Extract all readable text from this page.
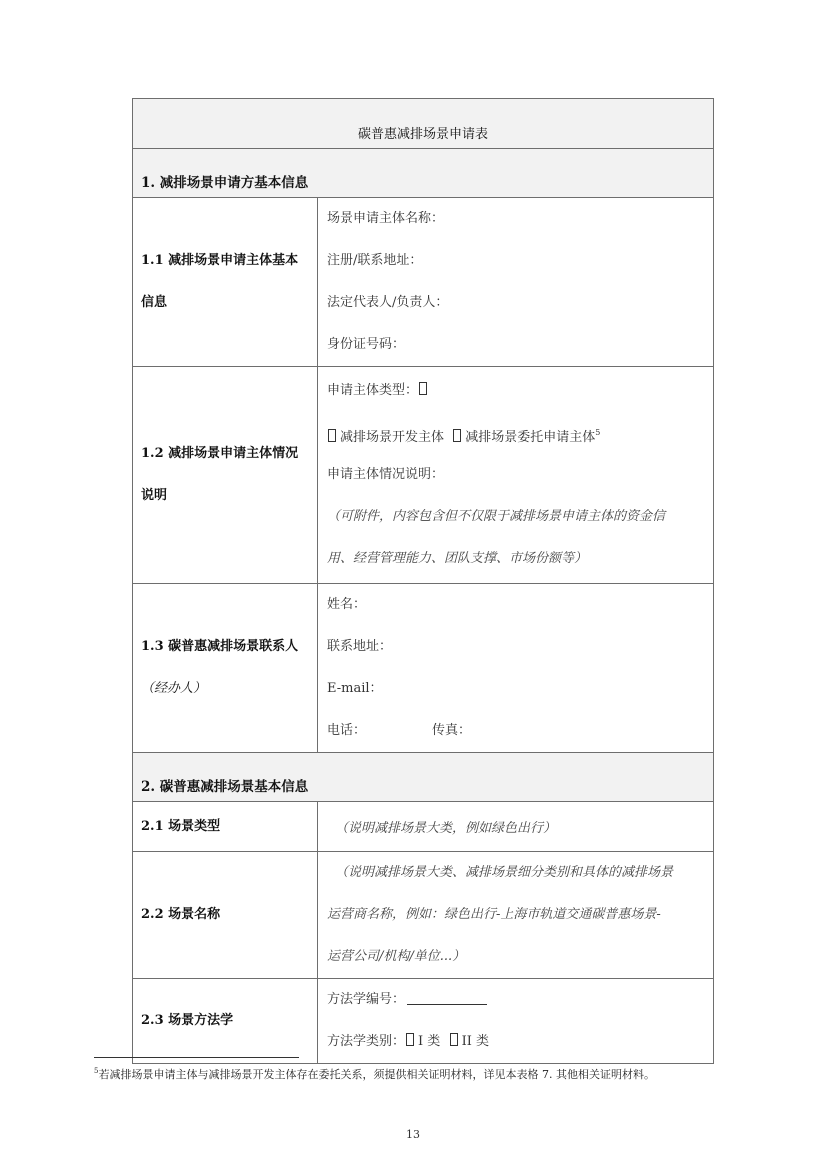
碳普惠减排场景申请表	
1. 减排场景申请方基本信息	

1.1 减排场景申请主体基本
信息	场景申请主体名称：
注册/联系地址：
法定代表人/负责人：
身份证号码：

1.2 减排场景申请主体情况
说明	申请主体类型：
减排场景开发主体 减排场景委托申请主体$^5$
申请主体情况说明：
（可附件，内容包含但不仅限于减排场景申请主体的资金信
用、经营管理能力、团队支撑、市场份额等）

1.3 碳普惠减排场景联系人
（经办人）	姓名：
联系地址：
E-mail：
电话： 传真：

2. 碳普惠减排场景基本信息	
2.1 场景类型	（说明减排场景大类，例如绿色出行）
2.2 场景名称	（说明减排场景大类、减排场景细分类别和具体的减排场景
运营商名称，例如：绿色出行-上海市轨道交通碳普惠场景-
运营公司/机构/单位...）

2.3 场景方法学	方法学编号：
方法学类别： I 类 II 类
$^5$若减排场景申请主体与减排场景开发主体存在委托关系，须提供相关证明材料，详见本表格 7. 其他相关证明材料。
13
